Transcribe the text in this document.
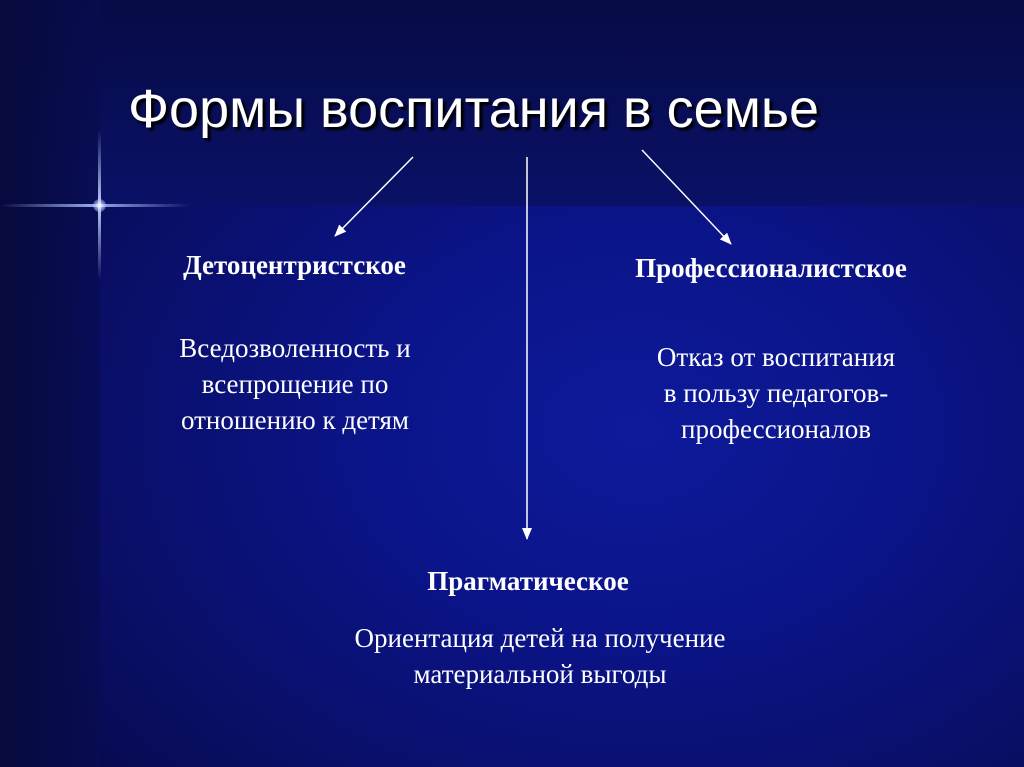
Формы воспитания в семье
Детоцентристское
Вседозволенность и
всепрощение по
отношению к детям
Профессионалистское
Отказ от воспитания
в пользу педагогов-
профессионалов
Прагматическое
Ориентация детей на получение
материальной выгоды
